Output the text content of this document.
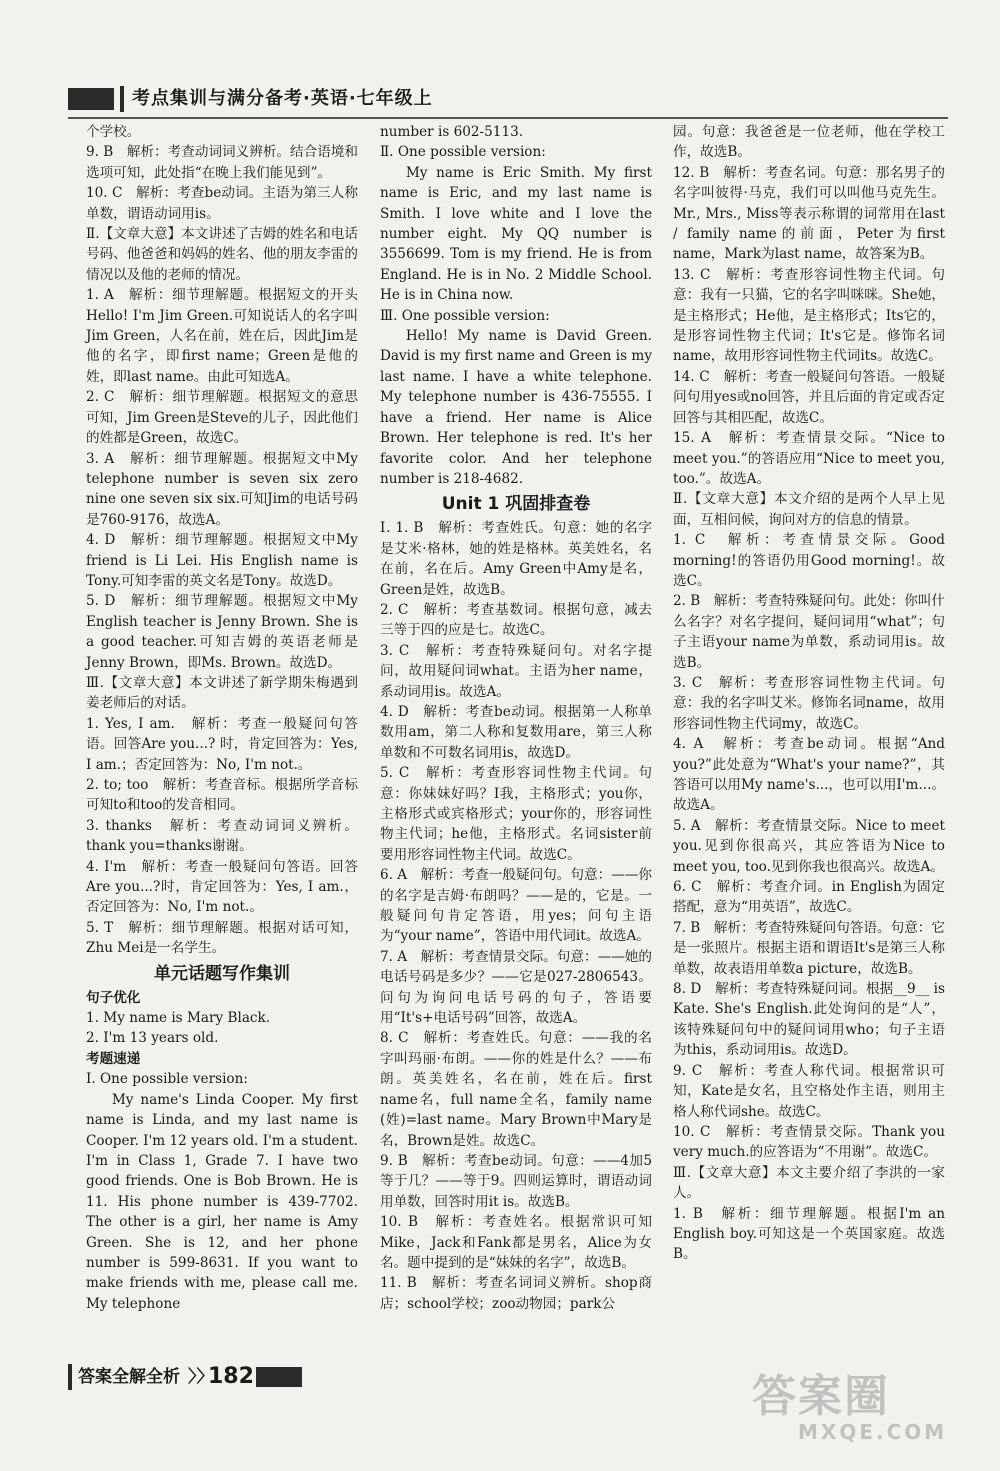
考点集训与满分备考·英语·七年级上

个学校。

9. B　解析：考查动词词义辨析。结合语境和选项可知，此处指“在晚上我们能见到”。

10. C　解析：考查be动词。主语为第三人称单数，谓语动词用is。

Ⅱ.【文章大意】本文讲述了吉姆的姓名和电话号码、他爸爸和妈妈的姓名、他的朋友李雷的情况以及他的老师的情况。

1. A　解析：细节理解题。根据短文的开头Hello! I'm Jim Green.可知说话人的名字叫Jim Green，人名在前，姓在后，因此Jim是他的名字，即first name；Green是他的姓，即last name。由此可知选A。

2. C　解析：细节理解题。根据短文的意思可知，Jim Green是Steve的儿子，因此他们的姓都是Green，故选C。

3. A　解析：细节理解题。根据短文中My telephone number is seven six zero nine one seven six six.可知Jim的电话号码是760-9176，故选A。

4. D　解析：细节理解题。根据短文中My friend is Li Lei. His English name is Tony.可知李雷的英文名是Tony。故选D。

5. D　解析：细节理解题。根据短文中My English teacher is Jenny Brown. She is a good teacher.可知吉姆的英语老师是Jenny Brown，即Ms. Brown。故选D。

Ⅲ.【文章大意】本文讲述了新学期朱梅遇到姜老师后的对话。

1. Yes, I am.　解析：考查一般疑问句答语。回答Are you...? 时，肯定回答为：Yes, I am.；否定回答为：No, I'm not.。

2. to; too　解析：考查音标。根据所学音标可知to和too的发音相同。

3. thanks　解析：考查动词词义辨析。thank you=thanks谢谢。

4. I'm　解析：考查一般疑问句答语。回答Are you...?时，肯定回答为：Yes, I am.，否定回答为：No, I'm not.。

5. T　解析：细节理解题。根据对话可知，Zhu Mei是一名学生。

单元话题写作集训

句子优化

1. My name is Mary Black.

2. I'm 13 years old.

考题速递

Ⅰ. One possible version:

My name's Linda Cooper. My first name is Linda, and my last name is Cooper. I'm 12 years old. I'm a student. I'm in Class 1, Grade 7. I have two good friends. One is Bob Brown. He is 11. His phone number is 439-7702. The other is a girl, her name is Amy Green. She is 12, and her phone number is 599-8631. If you want to make friends with me, please call me. My telephone

number is 602-5113.

Ⅱ. One possible version:

My name is Eric Smith. My first name is Eric, and my last name is Smith. I love white and I love the number eight. My QQ number is 3556699. Tom is my friend. He is from England. He is in No. 2 Middle School. He is in China now.

Ⅲ. One possible version:

Hello! My name is David Green. David is my first name and Green is my last name. I have a white telephone. My telephone number is 436-75555. I have a friend. Her name is Alice Brown. Her telephone is red. It's her favorite color. And her telephone number is 218-4682.

Unit 1 巩固排查卷

Ⅰ. 1. B　解析：考查姓氏。句意：她的名字是艾米·格林，她的姓是格林。英美姓名，名在前，名在后。Amy Green中Amy是名，Green是姓，故选B。

2. C　解析：考查基数词。根据句意，减去三等于四的应是七。故选C。

3. C　解析：考查特殊疑问句。对名字提问，故用疑问词what。主语为her name，系动词用is。故选A。

4. D　解析：考查be动词。根据第一人称单数用am，第二人称和复数用are，第三人称单数和不可数名词用is，故选D。

5. C　解析：考查形容词性物主代词。句意：你妹妹好吗？I我，主格形式；you你，主格形式或宾格形式；your你的，形容词性物主代词；he他，主格形式。名词sister前要用形容词性物主代词。故选C。

6. A　解析：考查一般疑问句。句意：——你的名字是吉姆·布朗吗？——是的，它是。一般疑问句肯定答语，用yes；问句主语为“your name”，答语中用代词it。故选A。

7. A　解析：考查情景交际。句意：——她的电话号码是多少？——它是027-2806543。问句为询问电话号码的句子，答语要用“It's+电话号码”回答，故选A。

8. C　解析：考查姓氏。句意：——我的名字叫玛丽·布朗。——你的姓是什么？——布朗。英美姓名，名在前，姓在后。first name名，full name全名，family name (姓)=last name。Mary Brown中Mary是名，Brown是姓。故选C。

9. B　解析：考查be动词。句意：——4加5等于几？——等于9。四则运算时，谓语动词用单数，回答时用it is。故选B。

10. B　解析：考查姓名。根据常识可知Mike，Jack和Fank都是男名，Alice为女名。题中提到的是“妹妹的名字”，故选B。

11. B　解析：考查名词词义辨析。shop商店；school学校；zoo动物园；park公

园。句意：我爸爸是一位老师，他在学校工作，故选B。

12. B　解析：考查名词。句意：那名男子的名字叫彼得·马克，我们可以叫他马克先生。Mr., Mrs., Miss等表示称谓的词常用在last / family name的前面，Peter为first name，Mark为last name，故答案为B。

13. C　解析：考查形容词性物主代词。句意：我有一只猫，它的名字叫咪咪。She她，是主格形式；He他，是主格形式；Its它的，是形容词性物主代词；It's它是。修饰名词name，故用形容词性物主代词its。故选C。

14. C　解析：考查一般疑问句答语。一般疑问句用yes或no回答，并且后面的肯定或否定回答与其相匹配，故选C。

15. A　解析：考查情景交际。“Nice to meet you.”的答语应用“Nice to meet you, too.”。故选A。

Ⅱ.【文章大意】本文介绍的是两个人早上见面，互相问候，询问对方的信息的情景。

1. C　解析：考查情景交际。Good morning!的答语仍用Good morning!。故选C。

2. B　解析：考查特殊疑问句。此处：你叫什么名字？对名字提问，疑问词用“what”；句子主语your name为单数，系动词用is。故选B。

3. C　解析：考查形容词性物主代词。句意：我的名字叫艾米。修饰名词name，故用形容词性物主代词my，故选C。

4. A　解析：考查be动词。根据“And you?”此处意为“What's your name?”，其答语可以用My name's...，也可以用I'm...。故选A。

5. A　解析：考查情景交际。Nice to meet you.见到你很高兴，其应答语为Nice to meet you, too.见到你我也很高兴。故选A。

6. C　解析：考查介词。in English为固定搭配，意为“用英语”，故选C。

7. B　解析：考查特殊疑问句答语。句意：它是一张照片。根据主语和谓语It's是第三人称单数，故表语用单数a picture，故选B。

8. D　解析：考查特殊疑问词。根据__9__ is Kate. She's English.此处询问的是“人”，该特殊疑问句中的疑问词用who；句子主语为this，系动词用is。故选D。

9. C　解析：考查人称代词。根据常识可知，Kate是女名，且空格处作主语，则用主格人称代词she。故选C。

10. C　解析：考查情景交际。Thank you very much.的应答语为“不用谢”。故选C。

Ⅲ.【文章大意】本文主要介绍了李洪的一家人。

1. B　解析：细节理解题。根据I'm an English boy.可知这是一个英国家庭。故选B。

答案全解全析 〉〉
182	答案圈
MXQE.COM
